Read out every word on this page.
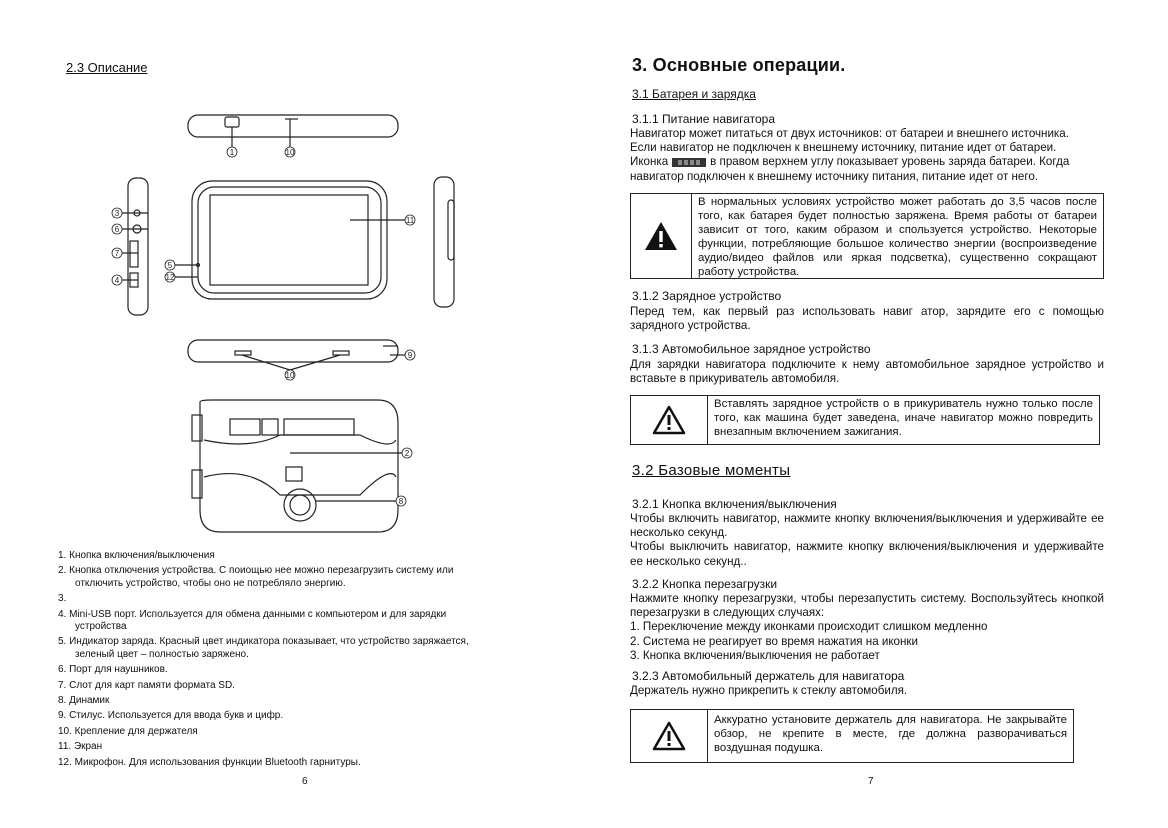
2.3 Описание
1	10
3
6
7
4
5
12
11
10
9
2
8
1. Кнопка включения/выключения
2. Кнопка отключения устройства. С поиощью нее можно перезагрузить систему или
отключить устройство, чтобы оно не потребляло энергию.
3.
4. Mini-USB порт. Используется для обмена данными с компьютером и для зарядки
устройства
5. Индикатор заряда. Красный цвет индикатора показывает, что устройство заряжается,
зеленый цвет – полностью заряжено.
6. Порт для наушников.
7. Слот для карт памяти формата SD.
8. Динамик
9. Стилус. Используется для ввода букв и цифр.
10. Крепление для держателя
11. Экран
12. Микрофон. Для использования функции Bluetooth гарнитуры.
6
3. Основные операции.
3.1 Батарея и зарядка
3.1.1 Питание навигатора

Навигатор может питаться от двух источников: от батареи и внешнего источника.

Если навигатор не подключен к внешнему источнику, питание идет от батареи.

Иконка	в правом верхнем углу показывает уровень заряда батареи. Когда

навигатор подключен к внешнему источнику питания, питание идет от него.

В нормальных условиях устройство может работать до 3,5 часов после того, как батарея будет полностью заряжена. Время работы от батареи зависит от того, каким образом и спользуется устройство. Некоторые функции, потребляющие большое количество энергии (воспроизведение аудио/видео файлов или яркая подсветка), существенно сокращают работу устройства.
3.1.2 Зарядное устройство
Перед тем, как первый раз использовать навиг атор, зарядите его с помощью зарядного устройства.
3.1.3 Автомобильное зарядное устройство
Для зарядки навигатора подключите к нему автомобильное зарядное устройство и вставьте в прикуриватель автомобиля.
Вставлять зарядное устройств о в прикуриватель нужно только после того, как машина будет заведена, иначе навигатор можно повредить внезапным включением зажигания.
3.2 Базовые моменты
3.2.1 Кнопка включения/выключения

Чтобы включить навигатор, нажмите кнопку включения/выключения и удерживайте ее несколько секунд.

Чтобы выключить навигатор, нажмите кнопку включения/выключения и удерживайте ее несколько секунд..

3.2.2 Кнопка перезагрузки

Нажмите кнопку перезагрузки, чтобы перезапустить систему. Воспользуйтесь кнопкой перезагрузки в следующих случаях:

1. Переключение между иконками происходит слишком медленно

2. Система не реагирует во время нажатия на иконки

3. Кнопка включения/выключения не работает

3.2.3 Автомобильный держатель для навигатора
Держатель нужно прикрепить к стеклу автомобиля.
Аккуратно установите держатель для навигатора. Не закрывайте обзор, не крепите в месте, где должна разворачиваться воздушная подушка.
7
